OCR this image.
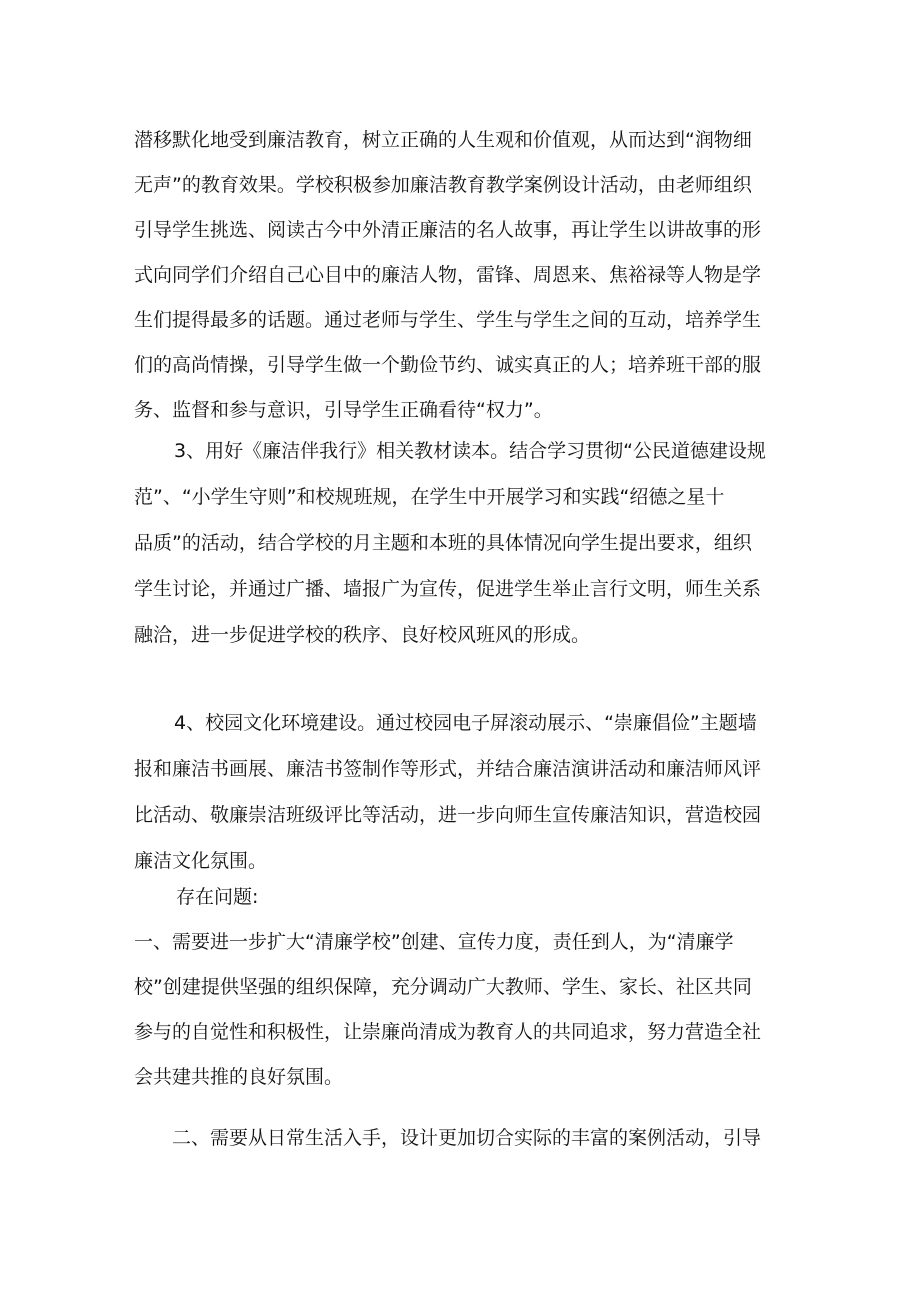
潜移默化地受到廉洁教育，树立正确的人生观和价值观，从而达到“润物细
无声”的教育效果。学校积极参加廉洁教育教学案例设计活动，由老师组织
引导学生挑选、阅读古今中外清正廉洁的名人故事，再让学生以讲故事的形
式向同学们介绍自己心目中的廉洁人物，雷锋、周恩来、焦裕禄等人物是学
生们提得最多的话题。通过老师与学生、学生与学生之间的互动，培养学生
们的高尚情操，引导学生做一个勤俭节约、诚实真正的人；培养班干部的服
务、监督和参与意识，引导学生正确看待“权力”。
3、用好《廉洁伴我行》相关教材读本。结合学习贯彻“公民道德建设规
范”、“小学生守则”和校规班规，在学生中开展学习和实践“绍德之星十
品质”的活动，结合学校的月主题和本班的具体情况向学生提出要求，组织
学生讨论，并通过广播、墙报广为宣传，促进学生举止言行文明，师生关系
融洽，进一步促进学校的秩序、良好校风班风的形成。
4、校园文化环境建设。通过校园电子屏滚动展示、“崇廉倡俭”主题墙
报和廉洁书画展、廉洁书签制作等形式，并结合廉洁演讲活动和廉洁师风评
比活动、敬廉崇洁班级评比等活动，进一步向师生宣传廉洁知识，营造校园
廉洁文化氛围。
存在问题:
一、需要进一步扩大“清廉学校”创建、宣传力度，责任到人，为“清廉学
校”创建提供坚强的组织保障，充分调动广大教师、学生、家长、社区共同
参与的自觉性和积极性，让崇廉尚清成为教育人的共同追求，努力营造全社
会共建共推的良好氛围。
二、需要从日常生活入手，设计更加切合实际的丰富的案例活动，引导
